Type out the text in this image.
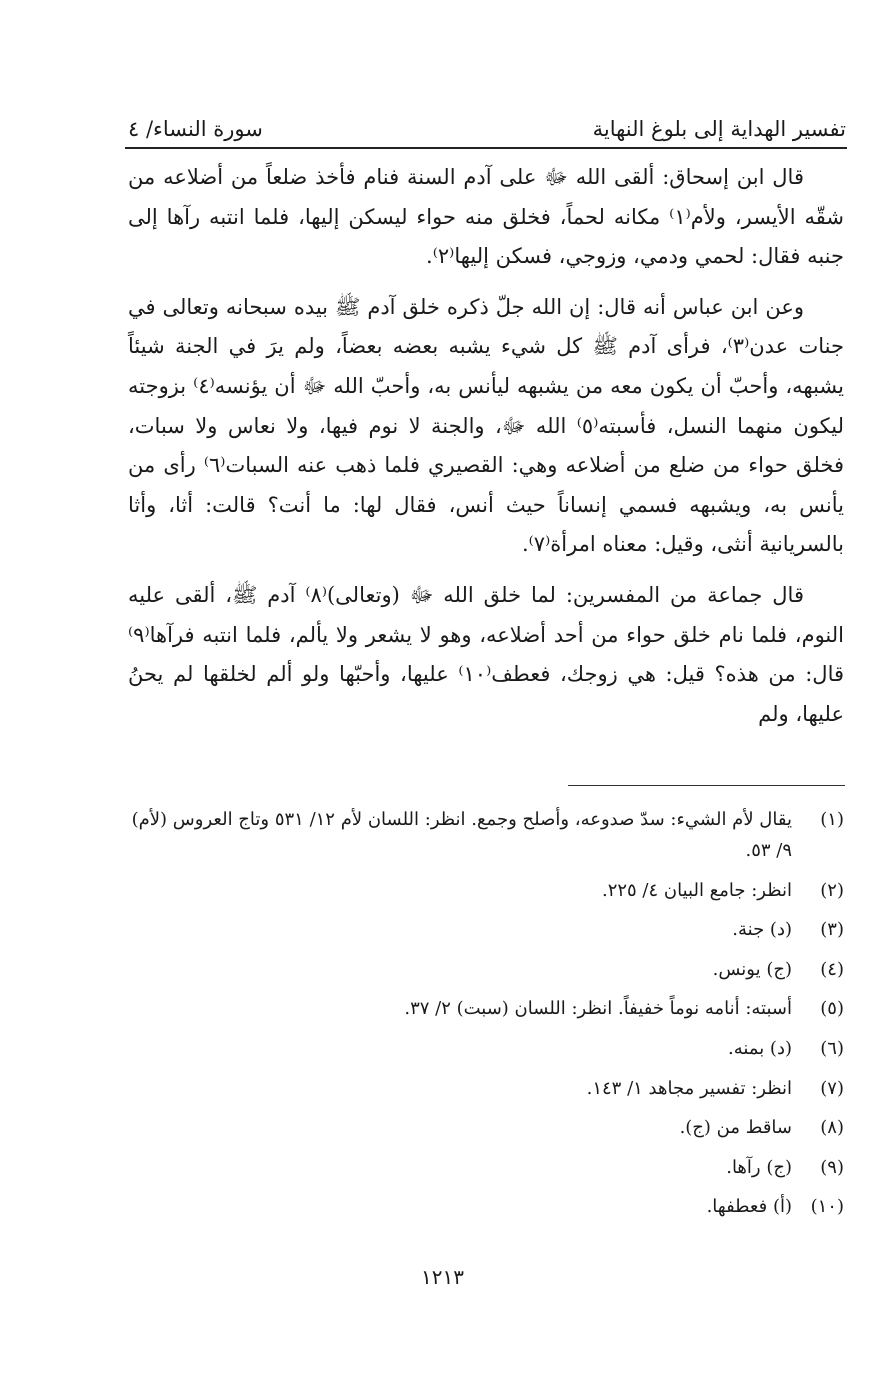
تفسير الهداية إلى بلوغ النهاية
سورة النساء/ ٤

قال ابن إسحاق: ألقى الله ﷻ على آدم السنة فنام فأخذ ضلعاً من أضلاعه من شقّه الأيسر، ولأم⁽١⁾ مكانه لحماً، فخلق منه حواء ليسكن إليها، فلما انتبه رآها إلى جنبه فقال: لحمي ودمي، وزوجي، فسكن إليها⁽٢⁾.

وعن ابن عباس أنه قال: إن الله جلّ ذكره خلق آدم ﷺ بيده سبحانه وتعالى في جنات عدن⁽٣⁾، فرأى آدم ﷺ كل شيء يشبه بعضه بعضاً، ولم يرَ في الجنة شيئاً يشبهه، وأحبّ أن يكون معه من يشبهه ليأنس به، وأحبّ الله ﷻ أن يؤنسه⁽٤⁾ بزوجته ليكون منهما النسل، فأسبته⁽٥⁾ الله ﷻ، والجنة لا نوم فيها، ولا نعاس ولا سبات، فخلق حواء من ضلع من أضلاعه وهي: القصيري فلما ذهب عنه السبات⁽٦⁾ رأى من يأنس به، ويشبهه فسمي إنساناً حيث أنس، فقال لها: ما أنت؟ قالت: أثا، وأثا بالسريانية أنثى، وقيل: معناه امرأة⁽٧⁾.

قال جماعة من المفسرين: لما خلق الله ﷻ (وتعالى)⁽٨⁾ آدم ﷺ، ألقى عليه النوم، فلما نام خلق حواء من أحد أضلاعه، وهو لا يشعر ولا يألم، فلما انتبه فرآها⁽٩⁾ قال: من هذه؟ قيل: هي زوجك، فعطف⁽١٠⁾ عليها، وأحبّها ولو ألم لخلقها لم يحنُ عليها، ولم

(١)
يقال لأم الشيء: سدّ صدوعه، وأصلح وجمع. انظر: اللسان لأم ١٢/ ٥٣١ وتاج العروس (لأم) ٩/ ٥٣.
(٢)
انظر: جامع البيان ٤/ ٢٢٥.
(٣)
(د) جنة.
(٤)
(ج) يونس.
(٥)
أسبته: أنامه نوماً خفيفاً. انظر: اللسان (سبت) ٢/ ٣٧.
(٦)
(د) بمنه.
(٧)
انظر: تفسير مجاهد ١/ ١٤٣.
(٨)
ساقط من (ج).
(٩)
(ج) رآها.
(١٠)
(أ) فعطفها.
١٢١٣
